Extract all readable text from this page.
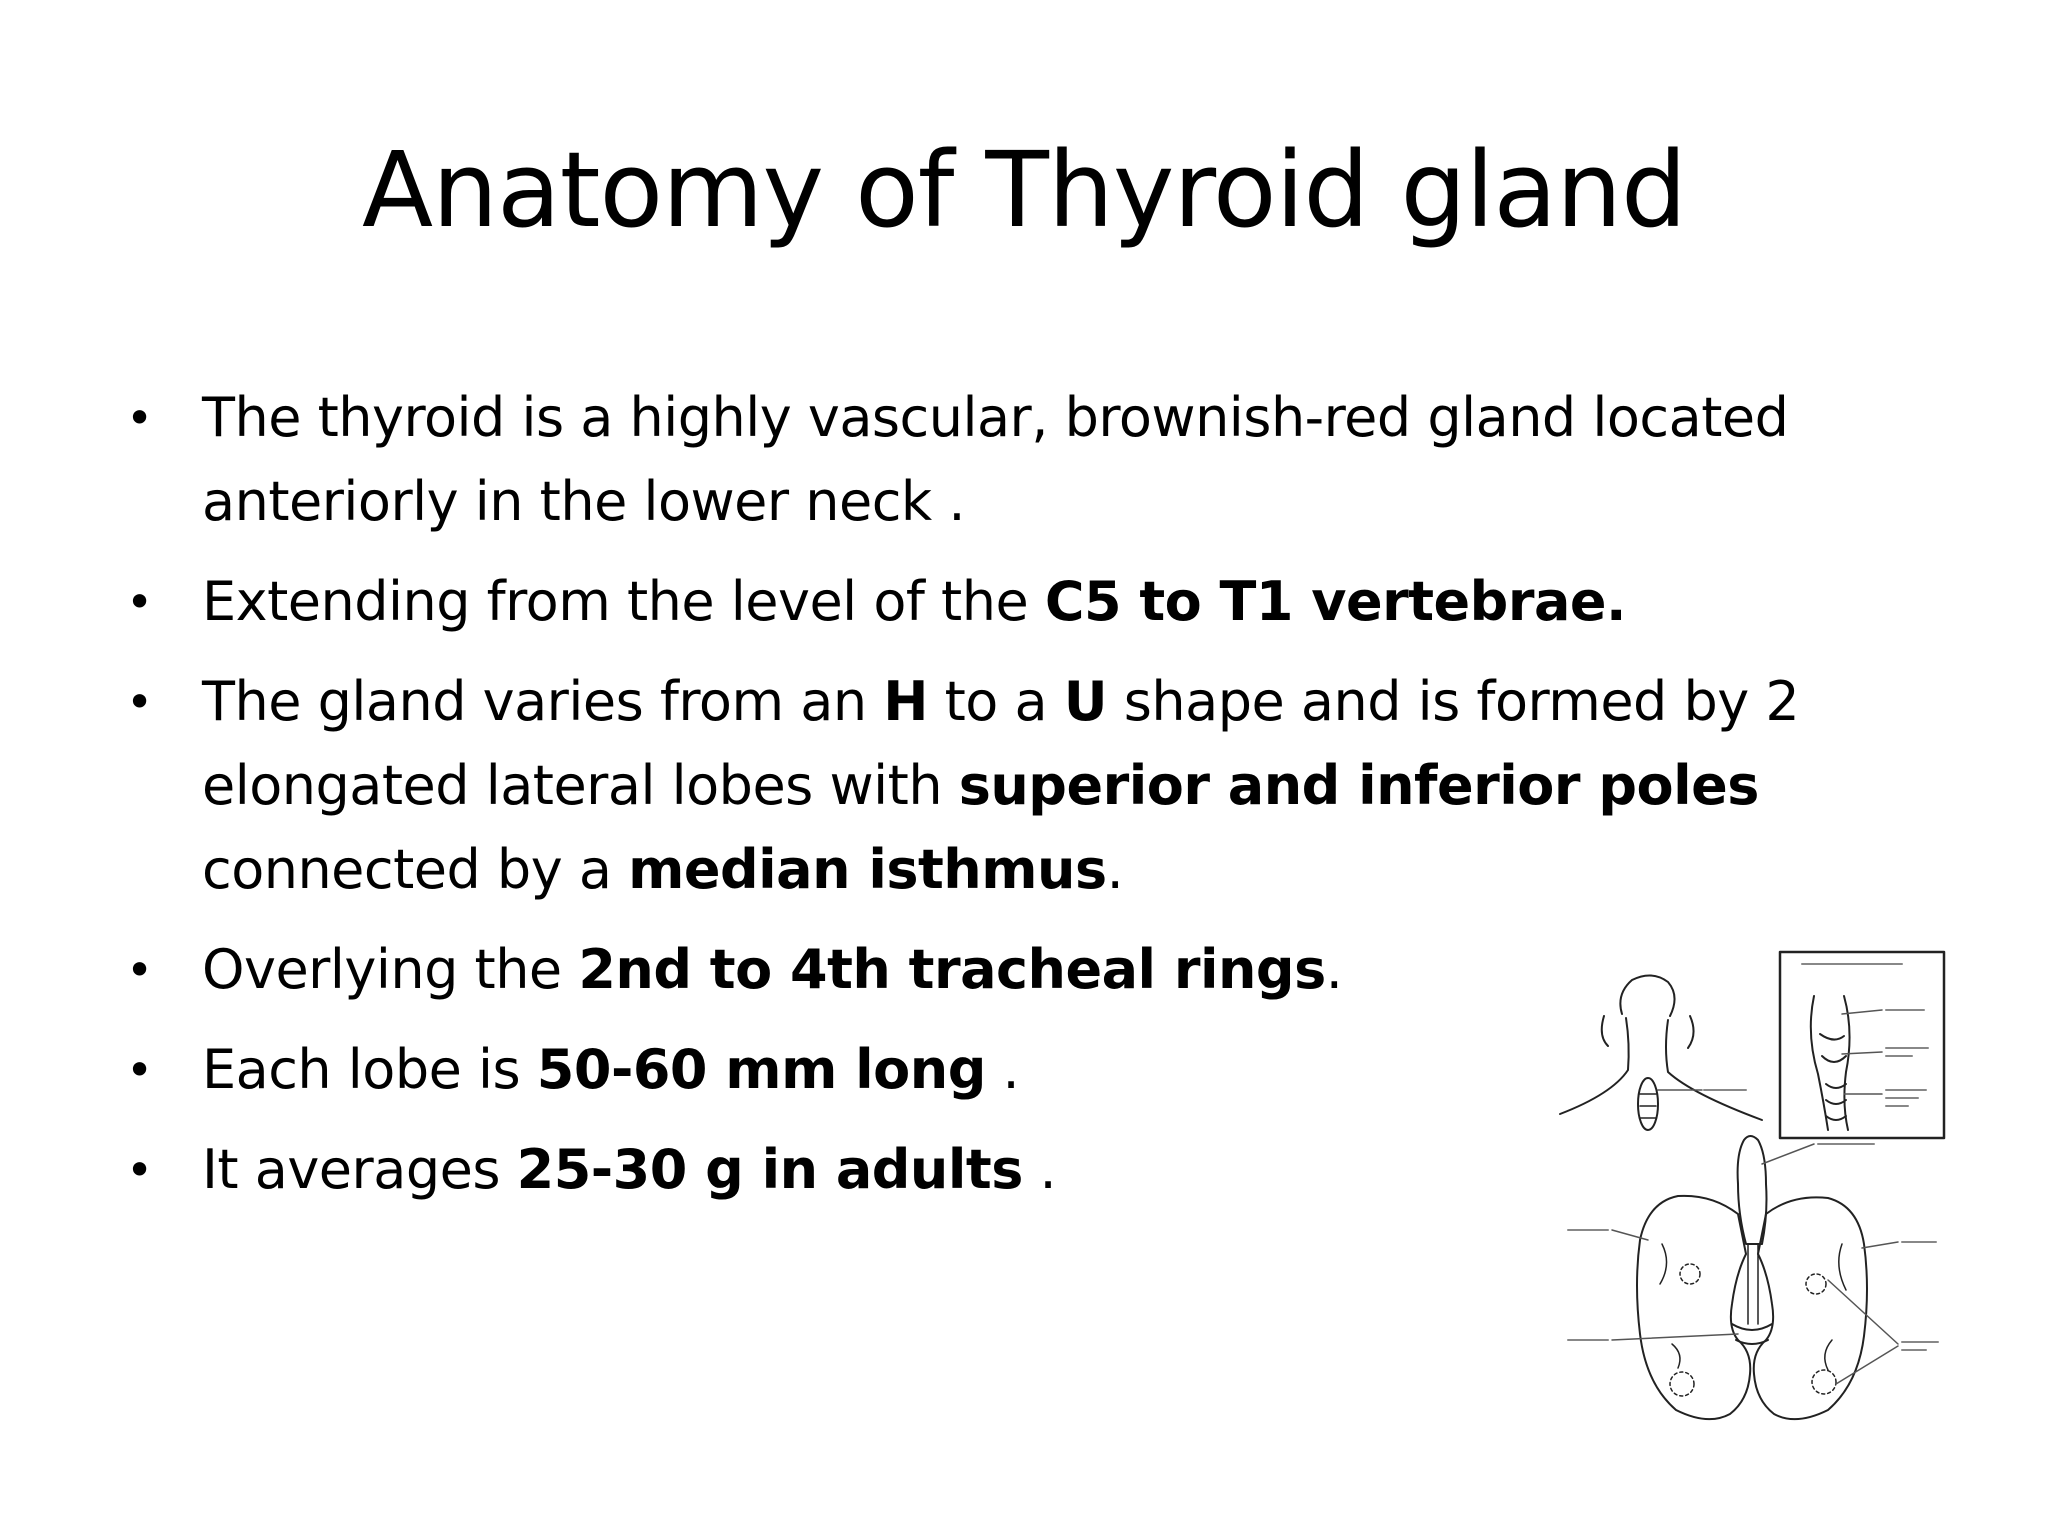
Anatomy of Thyroid gland
• The thyroid is a highly vascular, brownish-red gland located anteriorly in the lower neck .
• Extending from the level of the C5 to T1 vertebrae.
• The gland varies from an H to a U shape and is formed by 2 elongated lateral lobes with superior and inferior poles connected by a median isthmus.
• Overlying the 2nd to 4th tracheal rings.
• Each lobe is 50-60 mm long .
• It averages 25-30 g in adults .
